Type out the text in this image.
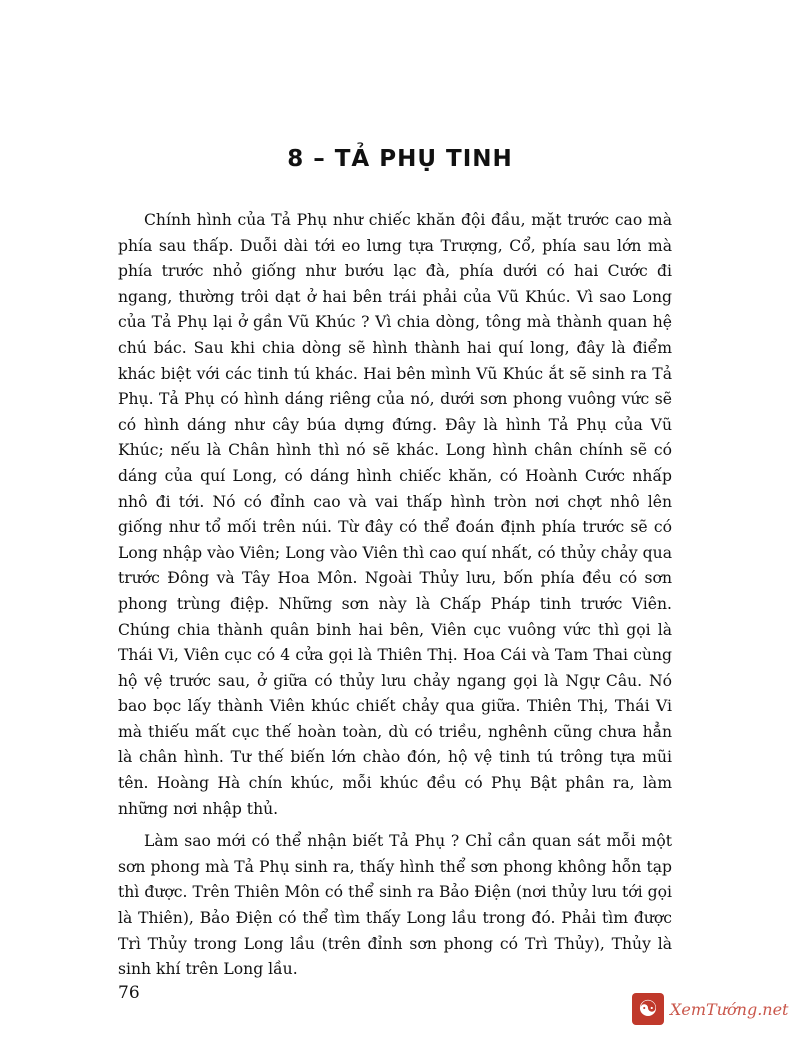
8 – TẢ PHỤ TINH

Chính hình của Tả Phụ như chiếc khăn đội đầu, mặt trước cao mà phía sau thấp. Duỗi dài tới eo lưng tựa Trượng, Cổ, phía sau lớn mà phía trước nhỏ giống như bướu lạc đà, phía dưới có hai Cước đi ngang, thường trôi dạt ở hai bên trái phải của Vũ Khúc. Vì sao Long của Tả Phụ lại ở gần Vũ Khúc ? Vì chia dòng, tông mà thành quan hệ chú bác. Sau khi chia dòng sẽ hình thành hai quí long, đây là điểm khác biệt với các tinh tú khác. Hai bên mình Vũ Khúc ắt sẽ sinh ra Tả Phụ. Tả Phụ có hình dáng riêng của nó, dưới sơn phong vuông vức sẽ có hình dáng như cây búa dựng đứng. Đây là hình Tả Phụ của Vũ Khúc; nếu là Chân hình thì nó sẽ khác. Long hình chân chính sẽ có dáng của quí Long, có dáng hình chiếc khăn, có Hoành Cước nhấp nhô đi tới. Nó có đỉnh cao và vai thấp hình tròn nơi chợt nhô lên giống như tổ mối trên núi. Từ đây có thể đoán định phía trước sẽ có Long nhập vào Viên; Long vào Viên thì cao quí nhất, có thủy chảy qua trước Đông và Tây Hoa Môn. Ngoài Thủy lưu, bốn phía đều có sơn phong trùng điệp. Những sơn này là Chấp Pháp tinh trước Viên. Chúng chia thành quân binh hai bên, Viên cục vuông vức thì gọi là Thái Vi, Viên cục có 4 cửa gọi là Thiên Thị. Hoa Cái và Tam Thai cùng hộ vệ trước sau, ở giữa có thủy lưu chảy ngang gọi là Ngự Câu. Nó bao bọc lấy thành Viên khúc chiết chảy qua giữa. Thiên Thị, Thái Vi mà thiếu mất cục thế hoàn toàn, dù có triều, nghênh cũng chưa hẳn là chân hình. Tư thế biến lớn chào đón, hộ vệ tinh tú trông tựa mũi tên. Hoàng Hà chín khúc, mỗi khúc đều có Phụ Bật phân ra, làm những nơi nhập thủ.

Làm sao mới có thể nhận biết Tả Phụ ? Chỉ cần quan sát mỗi một sơn phong mà Tả Phụ sinh ra, thấy hình thể sơn phong không hỗn tạp thì được. Trên Thiên Môn có thể sinh ra Bảo Điện (nơi thủy lưu tới gọi là Thiên), Bảo Điện có thể tìm thấy Long lầu trong đó. Phải tìm được Trì Thủy trong Long lầu (trên đỉnh sơn phong có Trì Thủy), Thủy là sinh khí trên Long lầu.

76

☯ XemTướng.net
